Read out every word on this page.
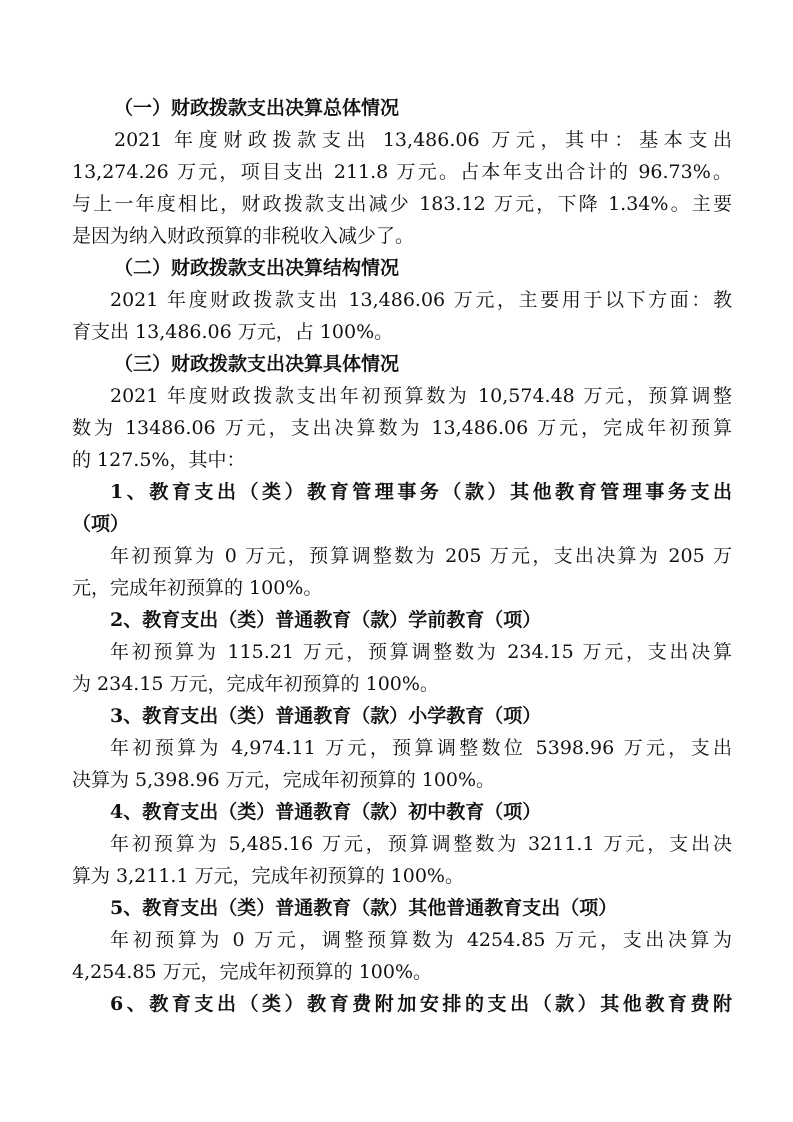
（一）财政拨款支出决算总体情况
2021 年度财政拨款支出 13,486.06 万元，其中：基本支出
13,274.26 万元，项目支出 211.8 万元。占本年支出合计的 96.73%。
与上一年度相比，财政拨款支出减少 183.12 万元，下降 1.34%。主要
是因为纳入财政预算的非税收入减少了。
（二）财政拨款支出决算结构情况
2021 年度财政拨款支出 13,486.06 万元，主要用于以下方面：教
育支出 13,486.06 万元，占 100%。
（三）财政拨款支出决算具体情况
2021 年度财政拨款支出年初预算数为 10,574.48 万元，预算调整
数为 13486.06 万元，支出决算数为 13,486.06 万元，完成年初预算
的 127.5%，其中：
1、教育支出（类）教育管理事务（款）其他教育管理事务支出
（项）
年初预算为 0 万元，预算调整数为 205 万元，支出决算为 205 万
元，完成年初预算的 100%。
2、教育支出（类）普通教育（款）学前教育（项）
年初预算为 115.21 万元，预算调整数为 234.15 万元，支出决算
为 234.15 万元，完成年初预算的 100%。
3、教育支出（类）普通教育（款）小学教育（项）
年初预算为 4,974.11 万元，预算调整数位 5398.96 万元，支出
决算为 5,398.96 万元，完成年初预算的 100%。
4、教育支出（类）普通教育（款）初中教育（项）
年初预算为 5,485.16 万元，预算调整数为 3211.1 万元，支出决
算为 3,211.1 万元，完成年初预算的 100%。
5、教育支出（类）普通教育（款）其他普通教育支出（项）
年初预算为 0 万元，调整预算数为 4254.85 万元，支出决算为
4,254.85 万元，完成年初预算的 100%。
6、教育支出（类）教育费附加安排的支出（款）其他教育费附
